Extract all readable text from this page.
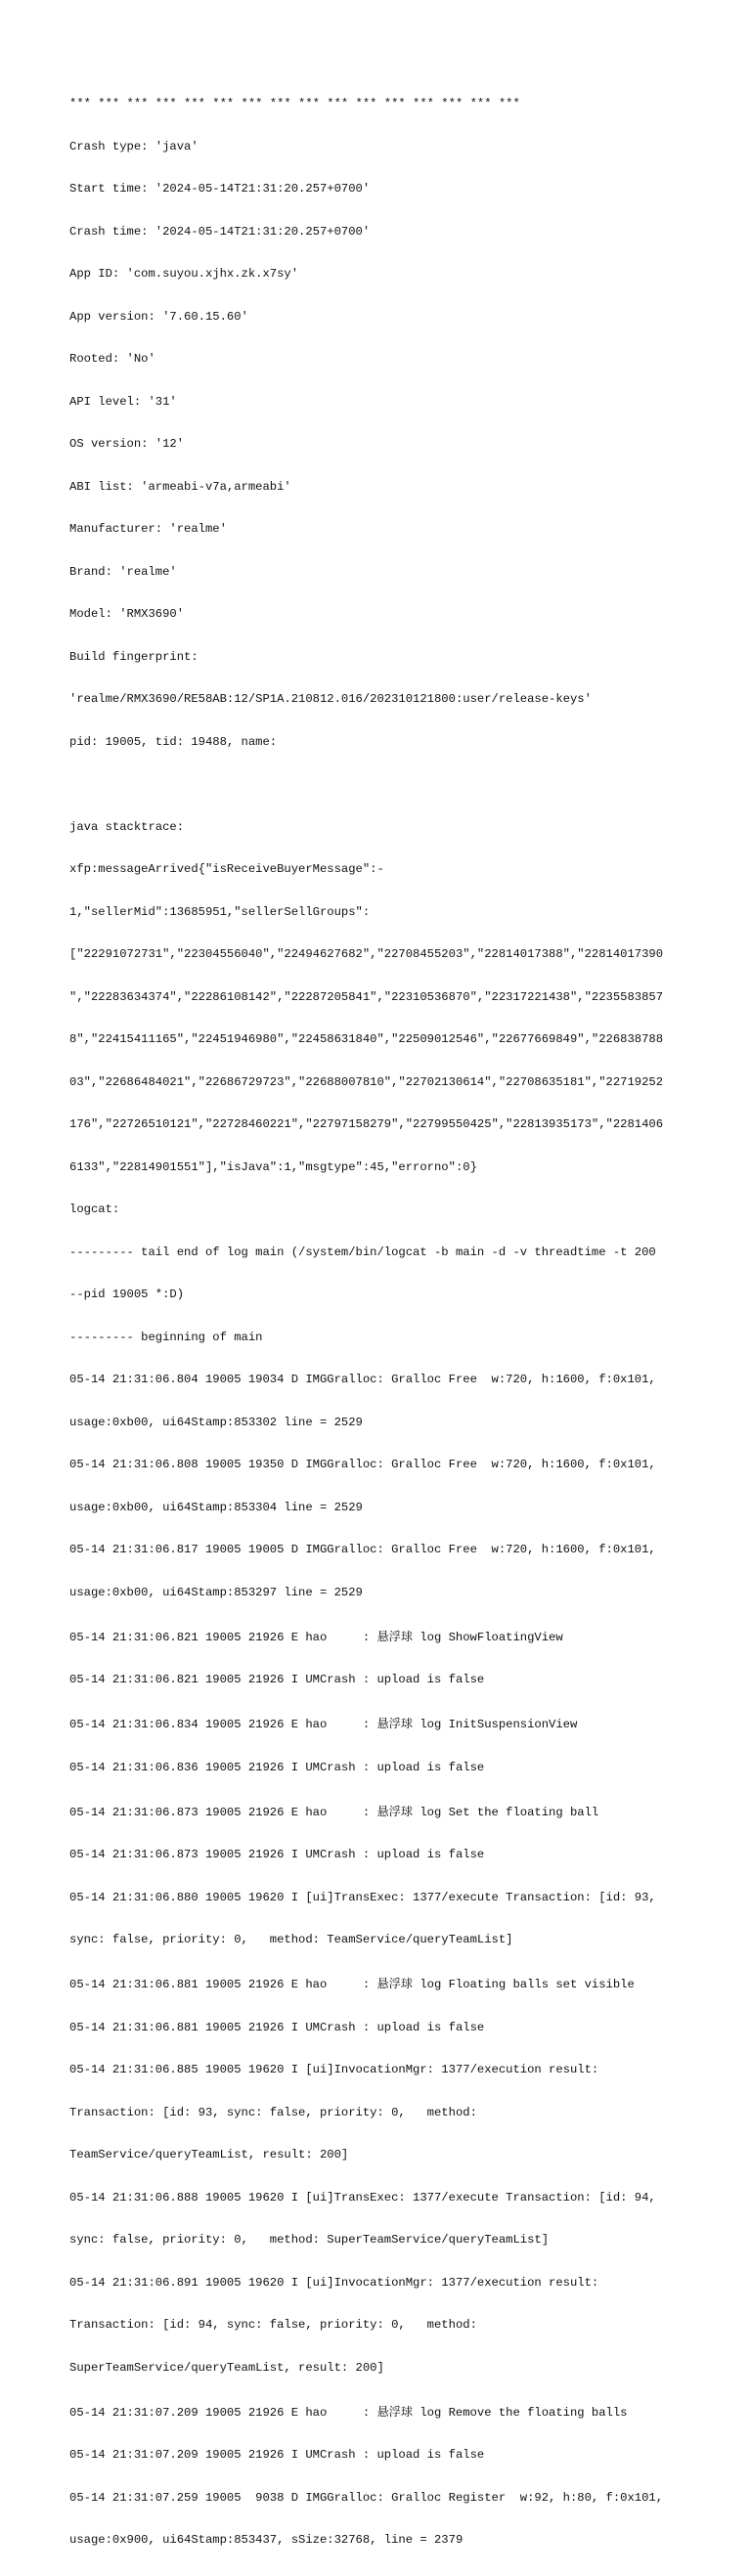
*** *** *** *** *** *** *** *** *** *** *** *** *** *** *** ***

Crash type: 'java'

Start time: '2024-05-14T21:31:20.257+0700'

Crash time: '2024-05-14T21:31:20.257+0700'

App ID: 'com.suyou.xjhx.zk.x7sy'

App version: '7.60.15.60'

Rooted: 'No'

API level: '31'

OS version: '12'

ABI list: 'armeabi-v7a,armeabi'

Manufacturer: 'realme'

Brand: 'realme'

Model: 'RMX3690'

Build fingerprint:

'realme/RMX3690/RE58AB:12/SP1A.210812.016/202310121800:user/release-keys'

pid: 19005, tid: 19488, name:

java stacktrace:

xfp:messageArrived{"isReceiveBuyerMessage":-

1,"sellerMid":13685951,"sellerSellGroups":

["22291072731","22304556040","22494627682","22708455203","22814017388","22814017390

","22283634374","22286108142","22287205841","22310536870","22317221438","2235583857

8","22415411165","22451946980","22458631840","22509012546","22677669849","226838788

03","22686484021","22686729723","22688007810","22702130614","22708635181","22719252

176","22726510121","22728460221","22797158279","22799550425","22813935173","2281406

6133","22814901551"],"isJava":1,"msgtype":45,"errorno":0}

logcat:

--------- tail end of log main (/system/bin/logcat -b main -d -v threadtime -t 200

--pid 19005 *:D)

--------- beginning of main

05-14 21:31:06.804 19005 19034 D IMGGralloc: Gralloc Free  w:720, h:1600, f:0x101,

usage:0xb00, ui64Stamp:853302 line = 2529

05-14 21:31:06.808 19005 19350 D IMGGralloc: Gralloc Free  w:720, h:1600, f:0x101,

usage:0xb00, ui64Stamp:853304 line = 2529

05-14 21:31:06.817 19005 19005 D IMGGralloc: Gralloc Free  w:720, h:1600, f:0x101,

usage:0xb00, ui64Stamp:853297 line = 2529

05-14 21:31:06.821 19005 21926 E hao     : 悬浮球 log ShowFloatingView

05-14 21:31:06.821 19005 21926 I UMCrash : upload is false

05-14 21:31:06.834 19005 21926 E hao     : 悬浮球 log InitSuspensionView

05-14 21:31:06.836 19005 21926 I UMCrash : upload is false

05-14 21:31:06.873 19005 21926 E hao     : 悬浮球 log Set the floating ball

05-14 21:31:06.873 19005 21926 I UMCrash : upload is false

05-14 21:31:06.880 19005 19620 I [ui]TransExec: 1377/execute Transaction: [id: 93,

sync: false, priority: 0,   method: TeamService/queryTeamList]

05-14 21:31:06.881 19005 21926 E hao     : 悬浮球 log Floating balls set visible

05-14 21:31:06.881 19005 21926 I UMCrash : upload is false

05-14 21:31:06.885 19005 19620 I [ui]InvocationMgr: 1377/execution result:

Transaction: [id: 93, sync: false, priority: 0,   method:

TeamService/queryTeamList, result: 200]

05-14 21:31:06.888 19005 19620 I [ui]TransExec: 1377/execute Transaction: [id: 94,

sync: false, priority: 0,   method: SuperTeamService/queryTeamList]

05-14 21:31:06.891 19005 19620 I [ui]InvocationMgr: 1377/execution result:

Transaction: [id: 94, sync: false, priority: 0,   method:

SuperTeamService/queryTeamList, result: 200]

05-14 21:31:07.209 19005 21926 E hao     : 悬浮球 log Remove the floating balls

05-14 21:31:07.209 19005 21926 I UMCrash : upload is false

05-14 21:31:07.259 19005  9038 D IMGGralloc: Gralloc Register  w:92, h:80, f:0x101,

usage:0x900, ui64Stamp:853437, sSize:32768, line = 2379
